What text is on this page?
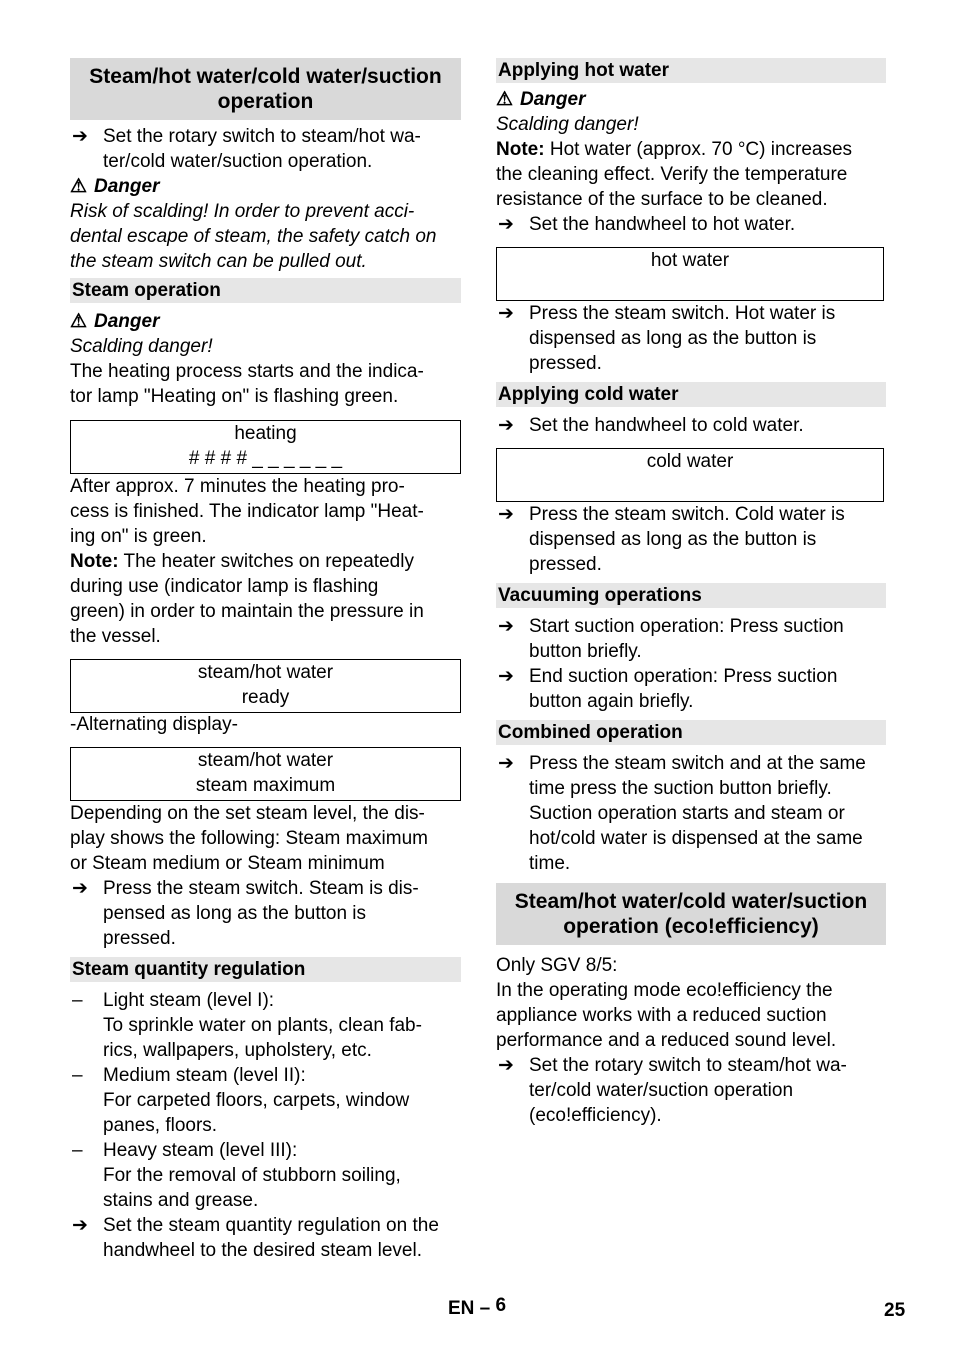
Steam/hot water/cold water/suction
operation
➔ Set the rotary switch to steam/hot wa-
ter/cold water/suction operation.
⚠ Danger
Risk of scalding! In order to prevent acci-
dental escape of steam, the safety catch on
the steam switch can be pulled out.
Steam operation
⚠ Danger
Scalding danger!
The heating process starts and the indica-
tor lamp "Heating on" is flashing green.
heating
# # # # _ _ _ _ _ _
After approx. 7 minutes the heating pro-
cess is finished. The indicator lamp "Heat-
ing on" is green.
Note: The heater switches on repeatedly
during use (indicator lamp is flashing
green) in order to maintain the pressure in
the vessel.
steam/hot water
ready
-Alternating display-
steam/hot water
steam maximum
Depending on the set steam level, the dis-
play shows the following: Steam maximum
or Steam medium or Steam minimum
➔ Press the steam switch. Steam is dis-
pensed as long as the button is
pressed.
Steam quantity regulation
– Light steam (level I):
To sprinkle water on plants, clean fab-
rics, wallpapers, upholstery, etc.
– Medium steam (level II):
For carpeted floors, carpets, window
panes, floors.
– Heavy steam (level III):
For the removal of stubborn soiling,
stains and grease.
➔ Set the steam quantity regulation on the
handwheel to the desired steam level.
Applying hot water
⚠ Danger
Scalding danger!
Note: Hot water (approx. 70 °C) increases
the cleaning effect. Verify the temperature
resistance of the surface to be cleaned.
➔ Set the handwheel to hot water.
hot water
➔ Press the steam switch. Hot water is
dispensed as long as the button is
pressed.
Applying cold water
➔ Set the handwheel to cold water.
cold water
➔ Press the steam switch. Cold water is
dispensed as long as the button is
pressed.
Vacuuming operations
➔ Start suction operation: Press suction
button briefly.
➔ End suction operation: Press suction
button again briefly.
Combined operation
➔ Press the steam switch and at the same
time press the suction button briefly.
Suction operation starts and steam or
hot/cold water is dispensed at the same
time.
Steam/hot water/cold water/suction
operation (eco!efficiency)
Only SGV 8/5:
In the operating mode eco!efficiency the
appliance works with a reduced suction
performance and a reduced sound level.
➔ Set the rotary switch to steam/hot wa-
ter/cold water/suction operation
(eco!efficiency).
EN – 6	25
